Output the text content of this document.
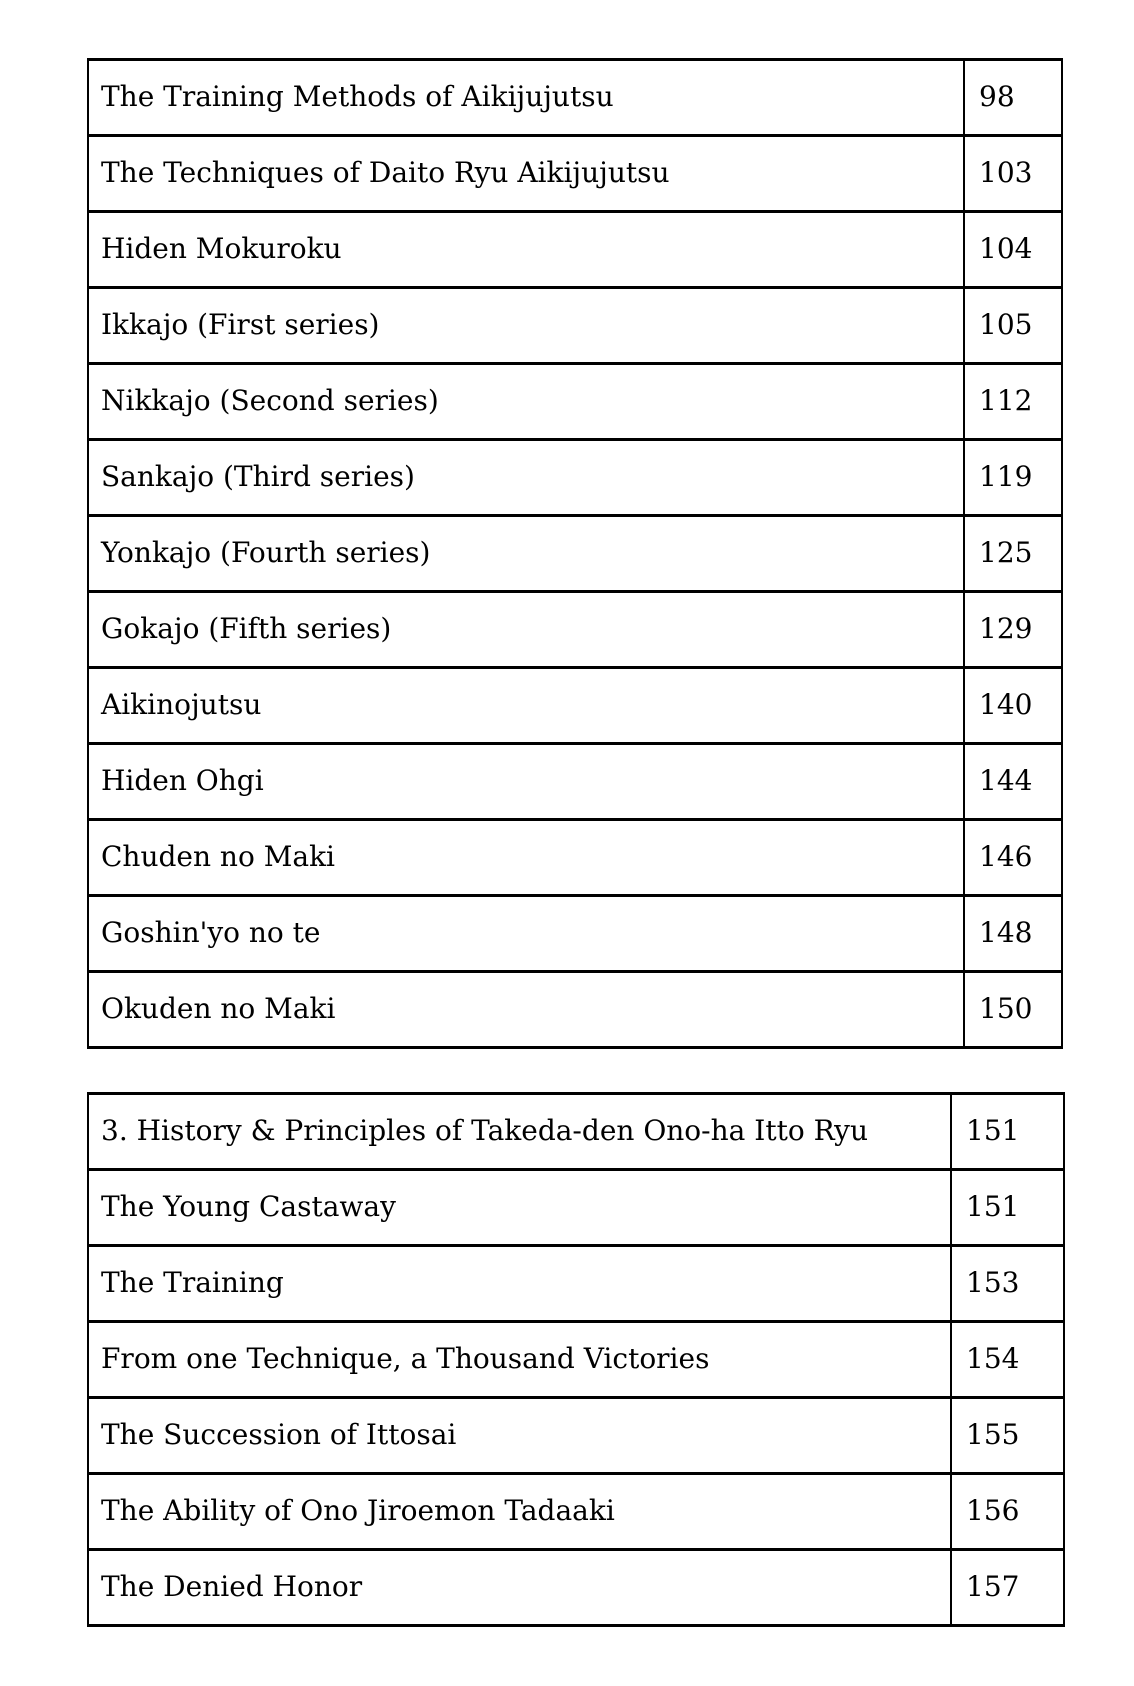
The Training Methods of Aikijujutsu	98
The Techniques of Daito Ryu Aikijujutsu	103
Hiden Mokuroku	104
Ikkajo (First series)	105
Nikkajo (Second series)	112
Sankajo (Third series)	119
Yonkajo (Fourth series)	125
Gokajo (Fifth series)	129
Aikinojutsu	140
Hiden Ohgi	144
Chuden no Maki	146
Goshin'yo no te	148
Okuden no Maki	150
3. History & Principles of Takeda-den Ono-ha Itto Ryu	151
The Young Castaway	151
The Training	153
From one Technique, a Thousand Victories	154
The Succession of Ittosai	155
The Ability of Ono Jiroemon Tadaaki	156
The Denied Honor	157
